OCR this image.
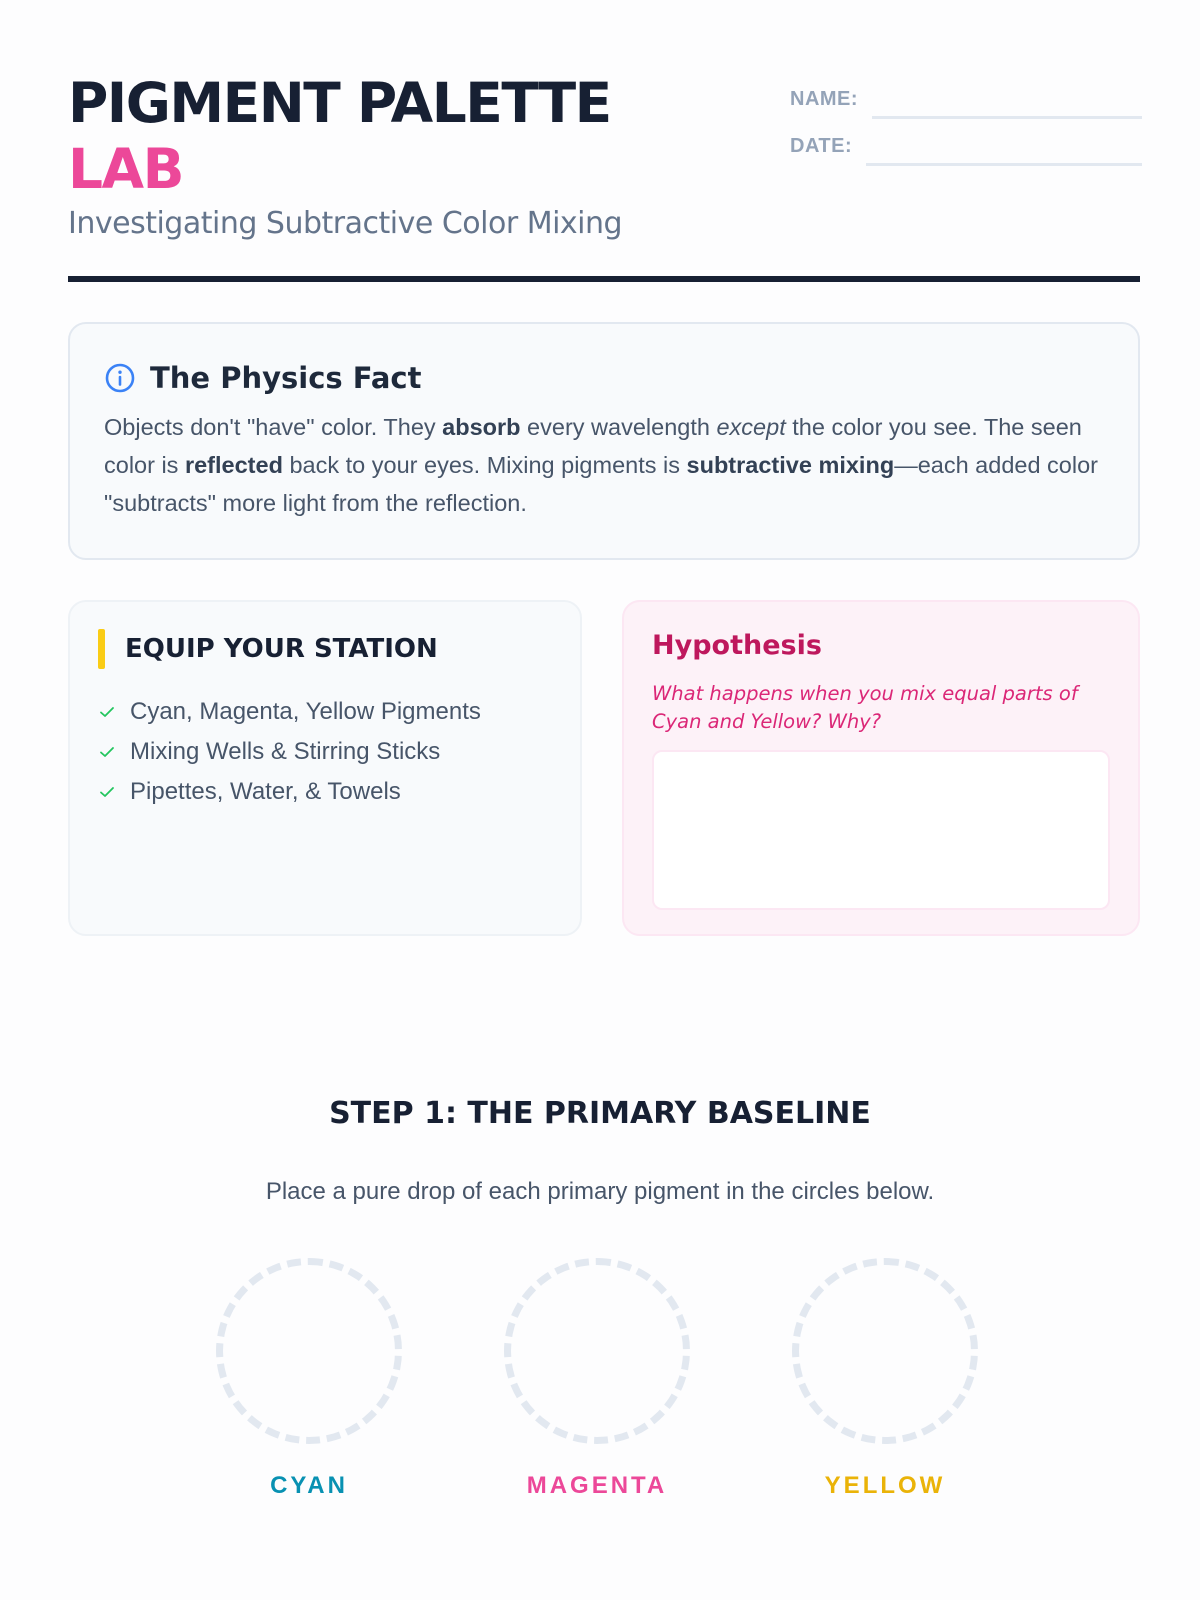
PIGMENT PALETTE
LAB
Investigating Subtractive Color Mixing
NAME:
DATE:
The Physics Fact

Objects don't "have" color. They absorb every wavelength except the color you see. The seen color is reflected back to your eyes. Mixing pigments is subtractive mixing—each added color "subtracts" more light from the reflection.

EQUIP YOUR STATION
Cyan, Magenta, Yellow Pigments
Mixing Wells & Stirring Sticks
Pipettes, Water, & Towels
Hypothesis
What happens when you mix equal parts of Cyan and Yellow? Why?
STEP 1: THE PRIMARY BASELINE
Place a pure drop of each primary pigment in the circles below.
CYAN	MAGENTA	YELLOW
